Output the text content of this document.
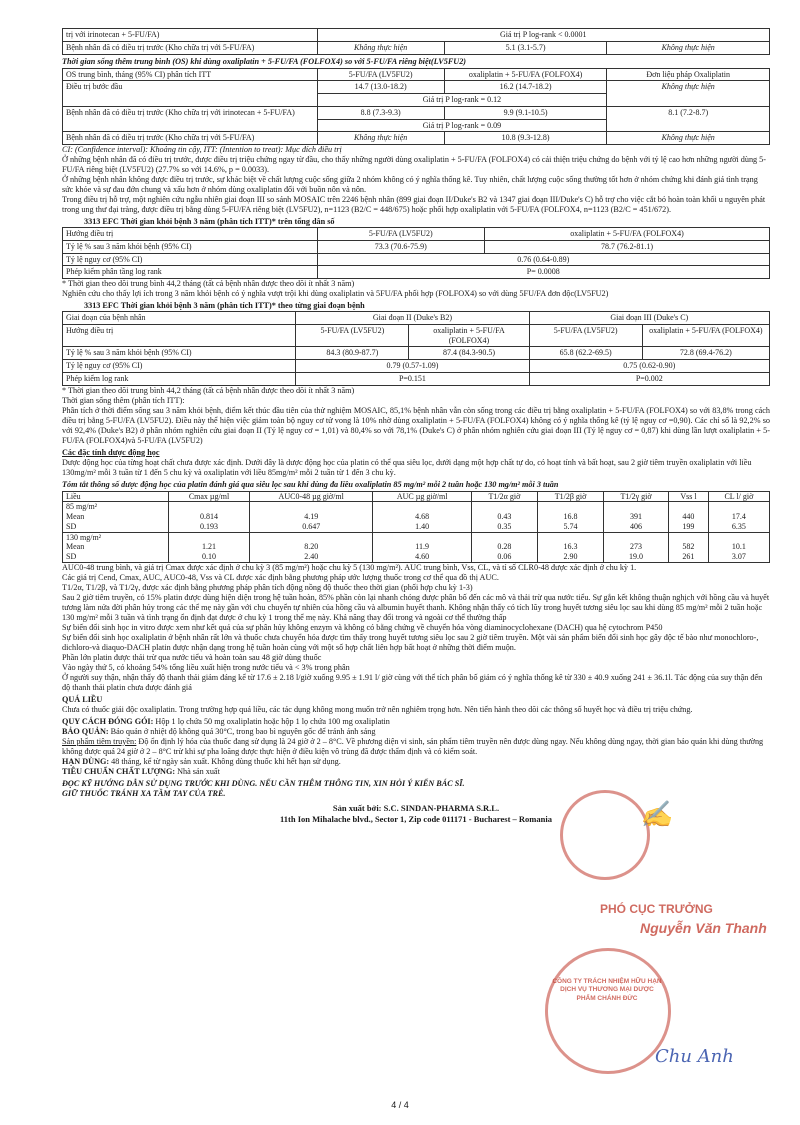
trị với irinotecan + 5-FU/FA)	Giá trị P log-rank < 0.0001		
Bệnh nhân đã có điều trị trước (Kho chữa trị với 5-FU/FA)	Không thực hiện	5.1 (3.1-5.7)	Không thực hiện
Thời gian sống thêm trung bình (OS) khi dùng oxaliplatin + 5-FU/FA (FOLFOX4) so với 5-FU/FA riêng biệt(LV5FU2)
OS trung bình, tháng (95% CI) phân tích ITT	5-FU/FA (LV5FU2)	oxaliplatin + 5-FU/FA (FOLFOX4)	Đơn liệu pháp Oxaliplatin
Điều trị bước đầu	14.7 (13.0-18.2)	16.2 (14.7-18.2)	Không thực hiện
	Giá trị P log-rank = 0.12		
Bệnh nhân đã có điều trị trước (Kho chữa trị với irinotecan + 5-FU/FA)	8.8 (7.3-9.3)	9.9 (9.1-10.5)	8.1 (7.2-8.7)
	Giá trị P log-rank = 0.09		
Bệnh nhân đã có điều trị trước (Kho chữa trị với 5-FU/FA)	Không thực hiện	10.8 (9.3-12.8)	Không thực hiện

CI: (Confidence interval): Khoảng tin cậy, ITT: (Intention to treat): Mục đích điều trị

Ở những bệnh nhân đã có điều trị trước, được điều trị triệu chứng ngay từ đầu, cho thấy những người dùng oxaliplatin + 5-FU/FA (FOLFOX4) có cải thiện triệu chứng do bệnh với tỷ lệ cao hơn những người dùng 5-FU/FA riêng biệt (LV5FU2) (27.7% so với 14.6%, p = 0.0033).

Ở những bệnh nhân không được điều trị trước, sự khác biệt về chất lượng cuộc sống giữa 2 nhóm không có ý nghĩa thống kê. Tuy nhiên, chất lượng cuộc sống thường tốt hơn ở nhóm chứng khi đánh giá tình trạng sức khỏe và sự đau đớn chung và xấu hơn ở nhóm dùng oxaliplatin đối với buồn nôn và nôn.

Trong điều trị hỗ trợ, một nghiên cứu ngẫu nhiên giai đoạn III so sánh MOSAIC trên 2246 bệnh nhân (899 giai đoạn II/Duke's B2 và 1347 giai đoạn III/Duke's C) hỗ trợ cho việc cắt bỏ hoàn toàn khối u nguyên phát trong ung thư đại tràng, được điều trị bằng dùng 5-FU/FA riêng biệt (LV5FU2), n=1123 (B2/C = 448/675) hoặc phối hợp oxaliplatin với 5-FU/FA (FOLFOX4, n=1123 (B2/C = 451/672).

3313 EFC Thời gian khỏi bệnh 3 năm (phân tích ITT)* trên tổng dân số
Hướng điều trị	5-FU/FA (LV5FU2)	oxaliplatin + 5-FU/FA (FOLFOX4)
Tỷ lệ % sau 3 năm khỏi bệnh (95% CI)	73.3 (70.6-75.9)	78.7 (76.2-81.1)
Tỷ lệ nguy cơ (95% CI)	0.76 (0.64-0.89)	
Phép kiểm phân tầng log rank	P= 0.0008	

* Thời gian theo dõi trung bình 44,2 tháng (tất cả bệnh nhân được theo dõi ít nhất 3 năm)

Nghiên cứu cho thấy lợi ích trong 3 năm khỏi bệnh có ý nghĩa vượt trội khi dùng oxaliplatin và 5FU/FA phối hợp (FOLFOX4) so với dùng 5FU/FA đơn độc(LV5FU2)

3313 EFC Thời gian khỏi bệnh 3 năm (phân tích ITT)* theo từng giai đoạn bệnh
Giai đoạn của bệnh nhân	Giai đoạn II (Duke's B2)		Giai đoạn III (Duke's C)	
Hướng điều trị	5-FU/FA (LV5FU2)	oxaliplatin + 5-FU/FA (FOLFOX4)	5-FU/FA (LV5FU2)	oxaliplatin + 5-FU/FA (FOLFOX4)
Tỷ lệ % sau 3 năm khỏi bệnh (95% CI)	84.3 (80.9-87.7)	87.4 (84.3-90.5)	65.8 (62.2-69.5)	72.8 (69.4-76.2)
Tỷ lệ nguy cơ (95% CI)	0.79 (0.57-1.09)		0.75 (0.62-0.90)	
Phép kiểm log rank	P=0.151		P=0.002	

* Thời gian theo dõi trung bình 44,2 tháng (tất cả bệnh nhân được theo dõi ít nhất 3 năm)

Thời gian sống thêm (phân tích ITT):

Phân tích ở thời điểm sống sau 3 năm khỏi bệnh, điểm kết thúc đầu tiên của thử nghiệm MOSAIC, 85,1% bệnh nhân vẫn còn sống trong các điều trị bằng oxaliplatin + 5-FU/FA (FOLFOX4) so với 83,8% trong cách điều trị bằng 5-FU/FA (LV5FU2). Điều này thể hiện việc giảm toàn bộ nguy cơ tử vong là 10% nhờ dùng oxaliplatin + 5-FU/FA (FOLFOX4) không có ý nghĩa thống kê (tỷ lệ nguy cơ =0,90). Các chỉ số là 92,2% so với 92,4% (Duke's B2) ở phân nhóm nghiên cứu giai đoạn II (Tỷ lệ nguy cơ = 1,01) và 80,4% so với 78,1% (Duke's C) ở phân nhóm nghiên cứu giai đoạn III (Tỷ lệ nguy cơ = 0,87) khi dùng lần lượt oxaliplatin + 5-FU/FA (FOLFOX4)và 5-FU/FA (LV5FU2)

Các đặc tính dược động học

Dược động học của từng hoạt chất chưa được xác định. Dưới đây là dược động học của platin có thể qua siêu lọc, dưới dạng một hợp chất tự do, có hoạt tính và bất hoạt, sau 2 giờ tiêm truyền oxaliplatin với liều 130mg/m² mỗi 3 tuần từ 1 đến 5 chu kỳ và oxaliplatin với liều 85mg/m² mỗi 2 tuần từ 1 đến 3 chu kỳ.

Tóm tắt thông số dược động học của platin đánh giá qua siêu lọc sau khi dùng đa liều oxaliplatin 85 mg/m² mỗi 2 tuần hoặc 130 mg/m² mỗi 3 tuần
Liều	Cmax µg/ml	AUC0-48 µg giờ/ml	AUC µg giờ/ml	T1/2α giờ	T1/2β giờ	T1/2γ giờ	Vss l	CL l/ giờ
85 mg/m²								
Mean	0.814	4.19	4.68	0.43	16.8	391	440	17.4
SD	0.193	0.647	1.40	0.35	5.74	406	199	6.35
130 mg/m²								
Mean	1.21	8.20	11.9	0.28	16.3	273	582	10.1
SD	0.10	2.40	4.60	0.06	2.90	19.0	261	3.07

AUC0-48 trung bình, và giá trị Cmax được xác định ở chu kỳ 3 (85 mg/m²) hoặc chu kỳ 5 (130 mg/m²). AUC trung bình, Vss, CL, và tỉ số CLR0-48 được xác định ở chu kỳ 1.

Các giá trị Cend, Cmax, AUC, AUC0-48, Vss và CL được xác định bằng phương pháp ước lượng thuốc trong cơ thể qua đồ thị AUC.

T1/2α, T1/2β, và T1/2γ, được xác định bằng phương pháp phân tích động nồng độ thuốc theo thời gian (phối hợp chu kỳ 1-3)

Sau 2 giờ tiêm truyền, có 15% platin được dùng hiện diện trong hệ tuần hoàn, 85% phần còn lại nhanh chóng được phân bố đến các mô và thải trừ qua nước tiểu. Sự gắn kết không thuận nghịch với hồng cầu và huyết tương làm nửa đời phân hủy trong các thể mẹ này gần với chu chuyển tự nhiên của hồng cầu và albumin huyết thanh. Không nhận thấy có tích lũy trong huyết tương siêu lọc sau khi dùng 85 mg/m² mỗi 2 tuần hoặc 130 mg/m² mỗi 3 tuần và tình trạng ổn định đạt được ở chu kỳ 1 trong thể mẹ này. Khả năng thay đổi trong và ngoài cơ thể thường thấp

Sự biến đổi sinh học in vitro được xem như kết quả của sự phân hủy không enzym và không có bằng chứng về chuyển hóa vòng diaminocyclohexane (DACH) qua hệ cytochrom P450

Sự biến đổi sinh học oxaliplatin ở bệnh nhân rất lớn và thuốc chưa chuyển hóa được tìm thấy trong huyết tương siêu lọc sau 2 giờ tiêm truyền. Một vài sản phẩm biến đổi sinh học gây độc tế bào như monochloro-, dichloro-và diaquo-DACH platin được nhận dạng trong hệ tuần hoàn cùng với một số hợp chất liên hợp bất hoạt ở những thời điểm muộn.

Phần lớn platin được thải trừ qua nước tiểu và hoàn toàn sau 48 giờ dùng thuốc

Vào ngày thứ 5, có khoảng 54% tổng liều xuất hiện trong nước tiểu và < 3% trong phân

Ở người suy thận, nhận thấy độ thanh thải giảm đáng kể từ 17.6 ± 2.18 l/giờ xuống 9.95 ± 1.91 l/ giờ cùng với thể tích phân bố giảm có ý nghĩa thống kê từ 330 ± 40.9 xuống 241 ± 36.1l. Tác động của suy thận đến độ thanh thải platin chưa được đánh giá

QUÁ LIỀU

Chưa có thuốc giải độc oxaliplatin. Trong trường hợp quá liều, các tác dụng không mong muốn trở nên nghiêm trọng hơn. Nên tiến hành theo dõi các thông số huyết học và điều trị triệu chứng.

QUY CÁCH ĐÓNG GÓI: Hộp 1 lọ chứa 50 mg oxaliplatin hoặc hộp 1 lọ chứa 100 mg oxaliplatin

BẢO QUẢN: Bảo quản ở nhiệt độ không quá 30°C, trong bao bì nguyên gốc để tránh ánh sáng

Sản phẩm tiêm truyền: Độ ổn định lý hóa của thuốc đang sử dụng là 24 giờ ở 2 – 8°C. Về phương diện vi sinh, sản phẩm tiêm truyền nên được dùng ngay. Nếu không dùng ngay, thời gian bảo quản khi dùng thường không được quá 24 giờ ở 2 – 8°C trừ khi sự pha loãng được thực hiện ở điều kiện vô trùng đã được thẩm định và có kiểm soát.

HẠN DÙNG: 48 tháng, kể từ ngày sản xuất. Không dùng thuốc khi hết hạn sử dụng.

TIÊU CHUẨN CHẤT LƯỢNG: Nhà sản xuất

ĐỌC KỸ HƯỚNG DẪN SỬ DỤNG TRƯỚC KHI DÙNG. NẾU CẦN THÊM THÔNG TIN, XIN HỎI Ý KIẾN BÁC SĨ.

GIỮ THUỐC TRÁNH XA TẦM TAY CỦA TRẺ.

Sản xuất bởi: S.C. SINDAN-PHARMA S.R.L.
11th Ion Mihalache blvd., Sector 1, Zip code 011171 - Bucharest – Romania
PHÓ CỤC TRƯỞNG
Nguyễn Văn Thanh
✍
CÔNG TY TRÁCH NHIỆM HỮU HẠN DỊCH VỤ THƯƠNG MẠI DƯỢC PHẨM CHÁNH ĐỨC
Chu Anh
4 / 4
